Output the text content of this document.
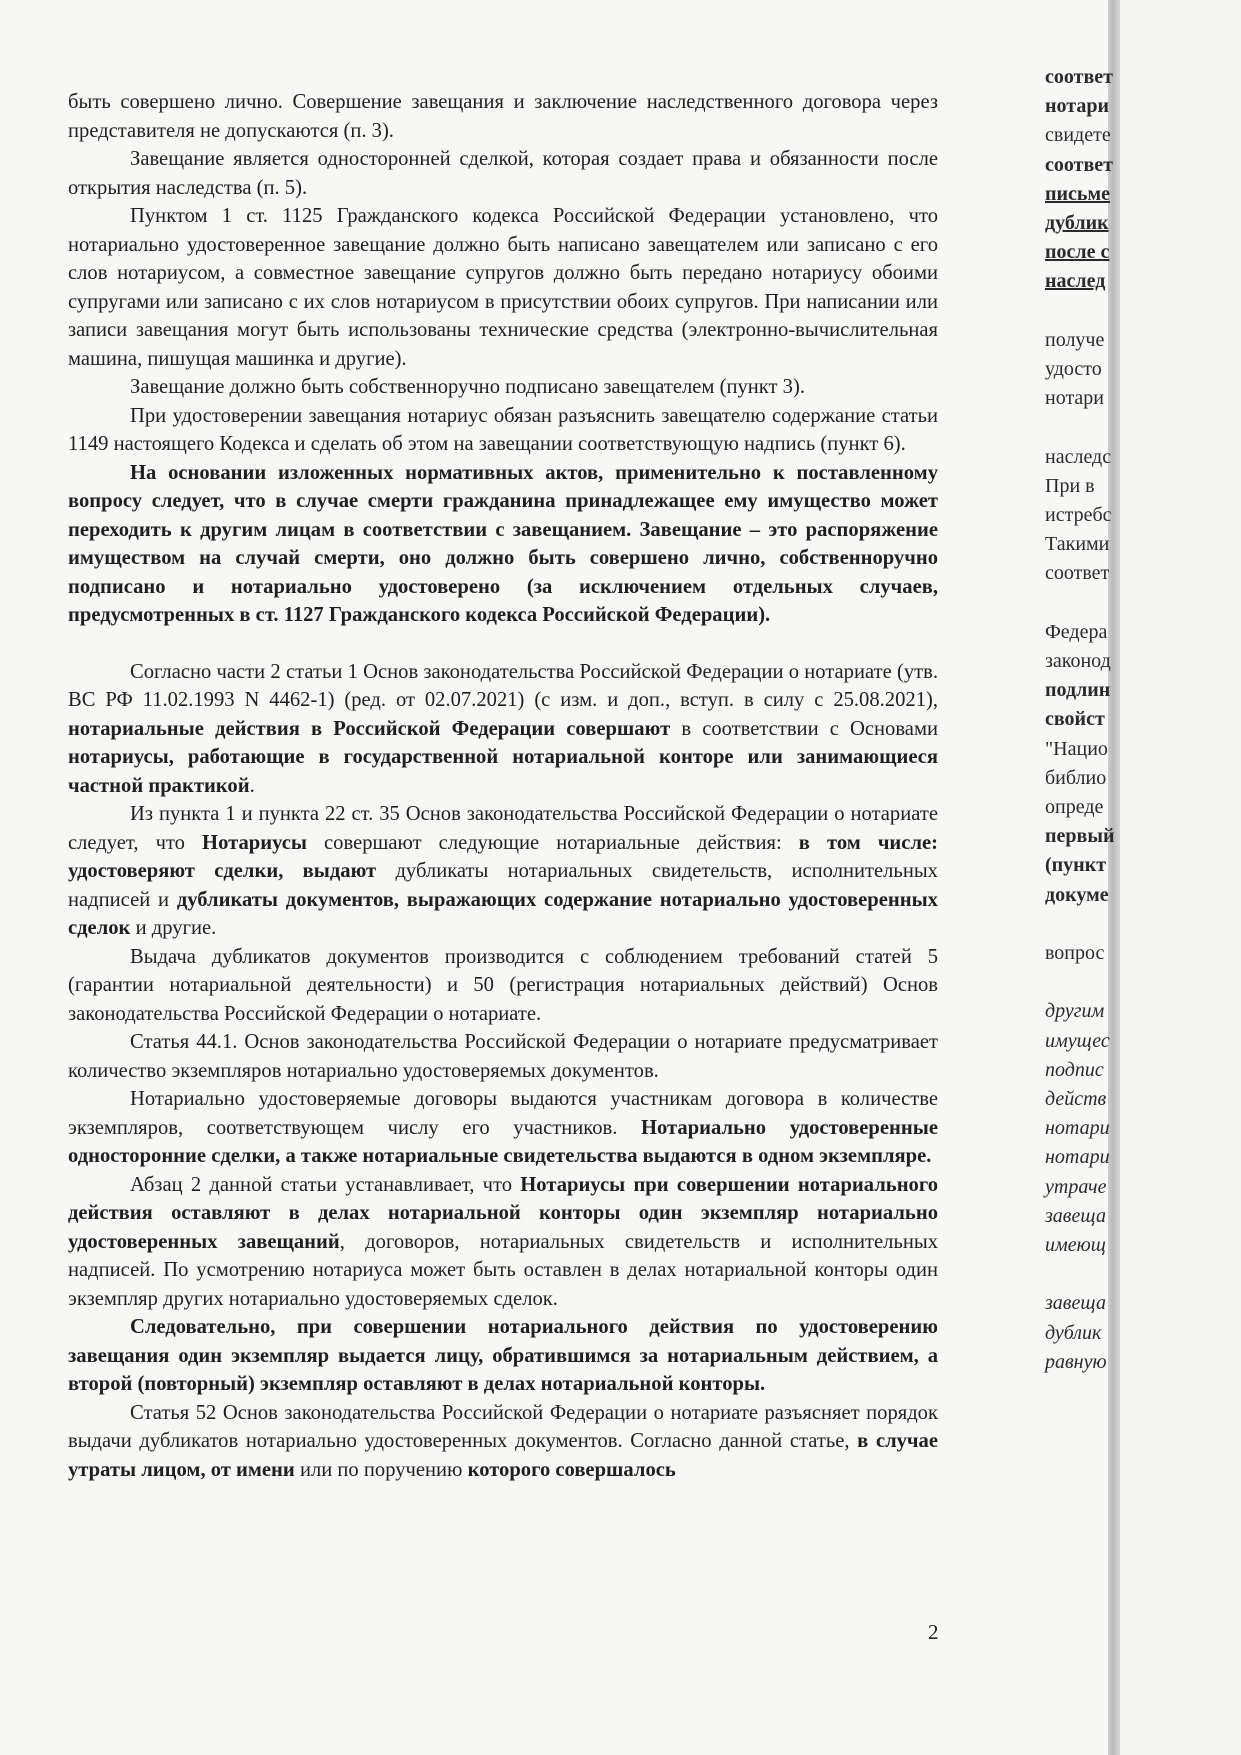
быть совершено лично. Совершение завещания и заключение наследственного договора через представителя не допускаются (п. 3).

Завещание является односторонней сделкой, которая создает права и обязанности после открытия наследства (п. 5).

Пунктом 1 ст. 1125 Гражданского кодекса Российской Федерации установлено, что нотариально удостоверенное завещание должно быть написано завещателем или записано с его слов нотариусом, а совместное завещание супругов должно быть передано нотариусу обоими супругами или записано с их слов нотариусом в присутствии обоих супругов. При написании или записи завещания могут быть использованы технические средства (электронно-вычислительная машина, пишущая машинка и другие).

Завещание должно быть собственноручно подписано завещателем (пункт 3).

При удостоверении завещания нотариус обязан разъяснить завещателю содержание статьи 1149 настоящего Кодекса и сделать об этом на завещании соответствующую надпись (пункт 6).

На основании изложенных нормативных актов, применительно к поставленному вопросу следует, что в случае смерти гражданина принадлежащее ему имущество может переходить к другим лицам в соответствии с завещанием. Завещание – это распоряжение имуществом на случай смерти, оно должно быть совершено лично, собственноручно подписано и нотариально удостоверено (за исключением отдельных случаев, предусмотренных в ст. 1127 Гражданского кодекса Российской Федерации).

Согласно части 2 статьи 1 Основ законодательства Российской Федерации о нотариате (утв. ВС РФ 11.02.1993 N 4462-1) (ред. от 02.07.2021) (с изм. и доп., вступ. в силу с 25.08.2021), нотариальные действия в Российской Федерации совершают в соответствии с Основами нотариусы, работающие в государственной нотариальной конторе или занимающиеся частной практикой.

Из пункта 1 и пункта 22 ст. 35 Основ законодательства Российской Федерации о нотариате следует, что Нотариусы совершают следующие нотариальные действия: в том числе: удостоверяют сделки, выдают дубликаты нотариальных свидетельств, исполнительных надписей и дубликаты документов, выражающих содержание нотариально удостоверенных сделок и другие.

Выдача дубликатов документов производится с соблюдением требований статей 5 (гарантии нотариальной деятельности) и 50 (регистрация нотариальных действий) Основ законодательства Российской Федерации о нотариате.

Статья 44.1. Основ законодательства Российской Федерации о нотариате предусматривает количество экземпляров нотариально удостоверяемых документов.

Нотариально удостоверяемые договоры выдаются участникам договора в количестве экземпляров, соответствующем числу его участников. Нотариально удостоверенные односторонние сделки, а также нотариальные свидетельства выдаются в одном экземпляре.

Абзац 2 данной статьи устанавливает, что Нотариусы при совершении нотариального действия оставляют в делах нотариальной конторы один экземпляр нотариально удостоверенных завещаний, договоров, нотариальных свидетельств и исполнительных надписей. По усмотрению нотариуса может быть оставлен в делах нотариальной конторы один экземпляр других нотариально удостоверяемых сделок.

Следовательно, при совершении нотариального действия по удостоверению завещания один экземпляр выдается лицу, обратившимся за нотариальным действием, а второй (повторный) экземпляр оставляют в делах нотариальной конторы.

Статья 52 Основ законодательства Российской Федерации о нотариате разъясняет порядок выдачи дубликатов нотариально удостоверенных документов. Согласно данной статье, в случае утраты лицом, от имени или по поручению которого совершалось

2
соответ
нотари
свидете
соответ
письме
дублик
после с
наслед
получе
удосто
нотари
наследс
При в
истребс
Такими
соответ
Федера
законод
подлин
свойст
"Нацио
библио
опреде
первый
(пункт
докуме
вопрос
другим
имущес
подпис
действ
нотари
нотари
утраче
завеща
имеющ
завеща
дублик
равную
